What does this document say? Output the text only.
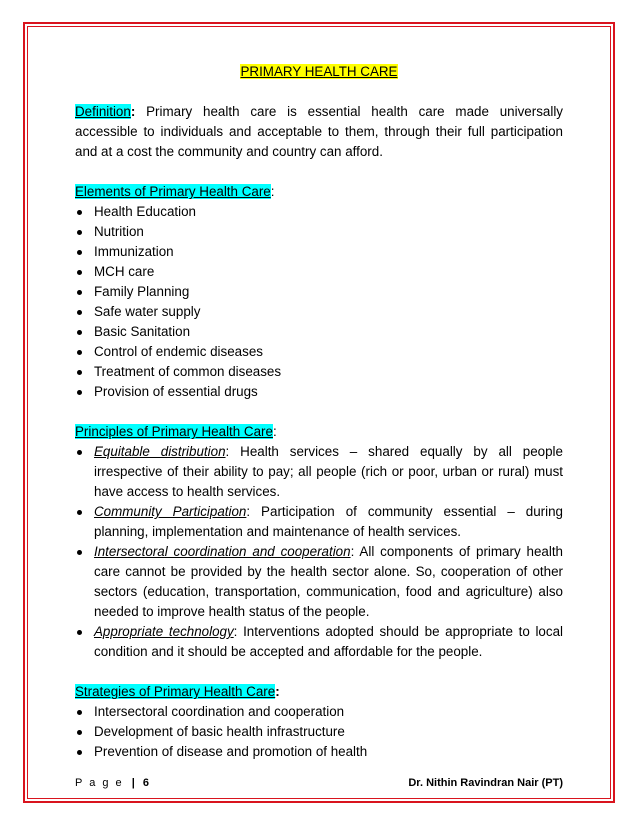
PRIMARY HEALTH CARE

Definition: Primary health care is essential health care made universally accessible to individuals and acceptable to them, through their full participation and at a cost the community and country can afford.

Elements of Primary Health Care:
Health Education
Nutrition
Immunization
MCH care
Family Planning
Safe water supply
Basic Sanitation
Control of endemic diseases
Treatment of common diseases
Provision of essential drugs
Principles of Primary Health Care:
Equitable distribution: Health services – shared equally by all people irrespective of their ability to pay; all people (rich or poor, urban or rural) must have access to health services.
Community Participation: Participation of community essential – during planning, implementation and maintenance of health services.
Intersectoral coordination and cooperation: All components of primary health care cannot be provided by the health sector alone. So, cooperation of other sectors (education, transportation, communication, food and agriculture) also needed to improve health status of the people.
Appropriate technology: Interventions adopted should be appropriate to local condition and it should be accepted and affordable for the people.
Strategies of Primary Health Care:
Intersectoral coordination and cooperation
Development of basic health infrastructure
Prevention of disease and promotion of health
P a g e | 6	Dr. Nithin Ravindran Nair (PT)
